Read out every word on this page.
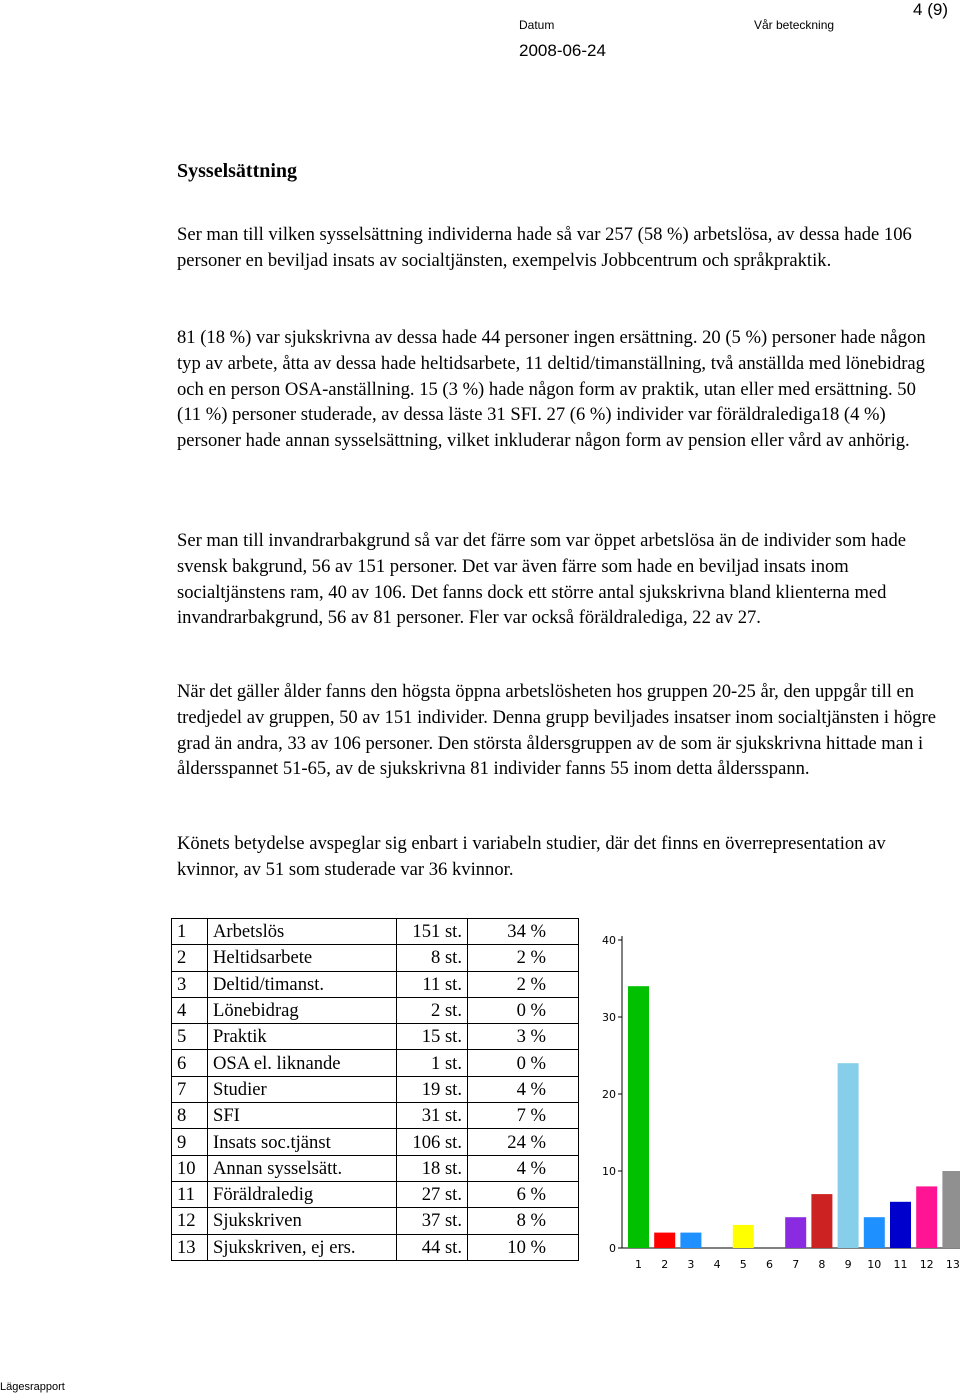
4 (9)
Datum	Vår beteckning
2008-06-24
Sysselsättning

Ser man till vilken sysselsättning individerna hade så var 257 (58 %) arbetslösa, av dessa hade 106 personer en beviljad insats av socialtjänsten, exempelvis Jobbcentrum och språkpraktik.

81 (18 %) var sjukskrivna av dessa hade 44 personer ingen ersättning. 20 (5 %) personer hade någon typ av arbete, åtta av dessa hade heltidsarbete, 11 deltid/timanställning, två anställda med lönebidrag och en person OSA-anställning. 15 (3 %) hade någon form av praktik, utan eller med ersättning. 50 (11 %) personer studerade, av dessa läste 31 SFI. 27 (6 %) individer var föräldralediga18 (4 %) personer hade annan sysselsättning, vilket inkluderar någon form av pension eller vård av anhörig.

Ser man till invandrarbakgrund så var det färre som var öppet arbetslösa än de individer som hade svensk bakgrund, 56 av 151 personer. Det var även färre som hade en beviljad insats inom socialtjänstens ram, 40 av 106. Det fanns dock ett större antal sjukskrivna bland klienterna med invandrarbakgrund, 56 av 81 personer. Fler var också föräldralediga, 22 av 27.

När det gäller ålder fanns den högsta öppna arbetslösheten hos gruppen 20-25 år, den uppgår till en tredjedel av gruppen, 50 av 151 individer. Denna grupp beviljades insatser inom socialtjänsten i högre grad än andra, 33 av 106 personer. Den största åldersgruppen av de som är sjukskrivna hittade man i åldersspannet 51-65, av de sjukskrivna 81 individer fanns 55 inom detta åldersspann.

Könets betydelse avspeglar sig enbart i variabeln studier, där det finns en överrepresentation av kvinnor, av 51 som studerade var 36 kvinnor.

1	Arbetslös	151 st.	34 %
2	Heltidsarbete	8 st.	2 %
3	Deltid/timanst.	11 st.	2 %
4	Lönebidrag	2 st.	0 %
5	Praktik	15 st.	3 %
6	OSA el. liknande	1 st.	0 %
7	Studier	19 st.	4 %
8	SFI	31 st.	7 %
9	Insats soc.tjänst	106 st.	24 %
10	Annan sysselsätt.	18 st.	4 %
11	Föräldraledig	27 st.	6 %
12	Sjukskriven	37 st.	8 %
13	Sjukskriven, ej ers.	44 st.	10 %	0
10
20
30
40
1 2 3 4 5 6 7 8 9 10 11 12 13
Lägesrapport
